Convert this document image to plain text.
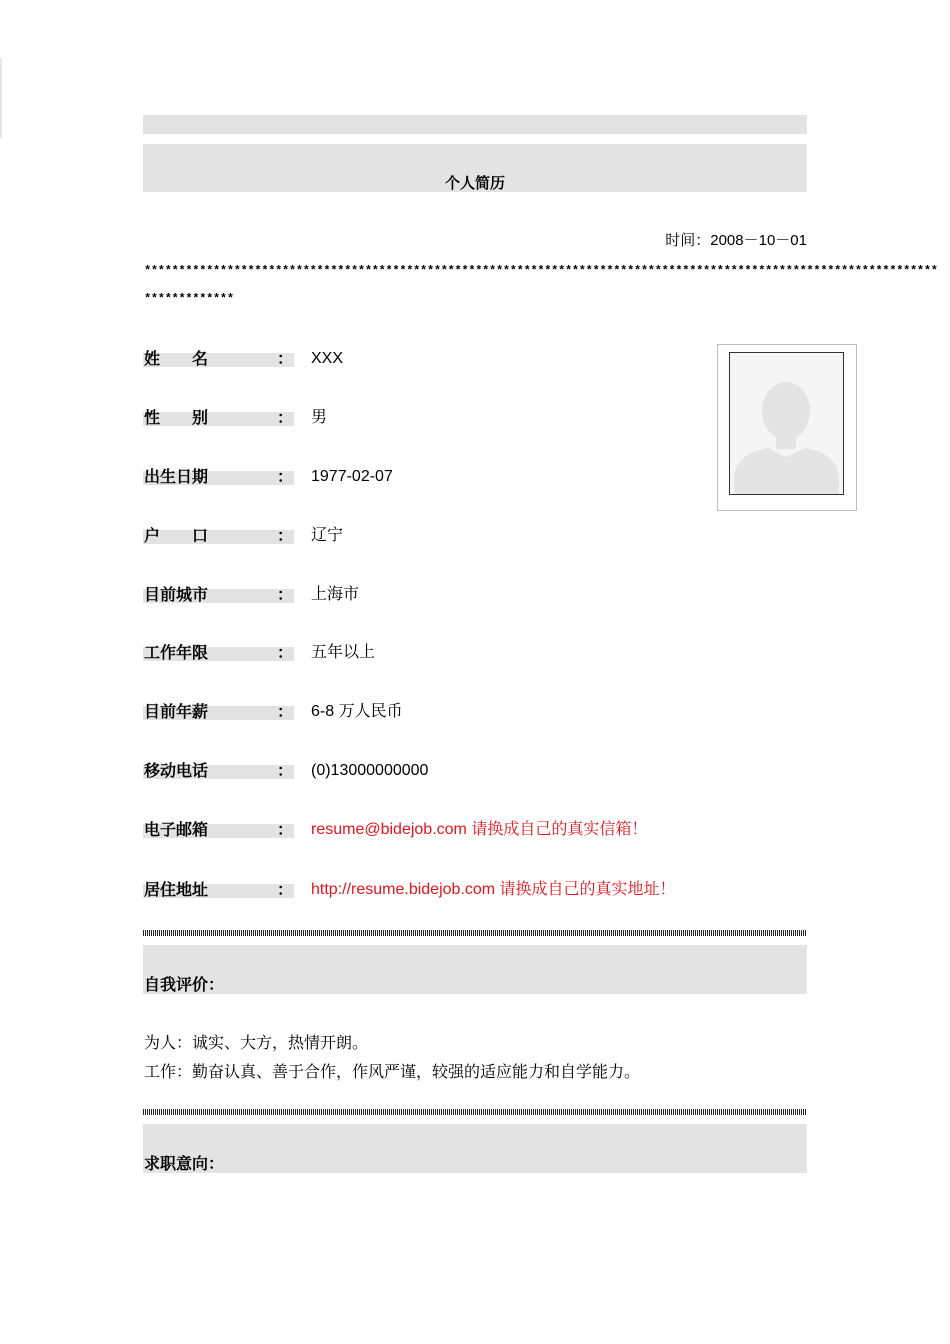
个人简历
时间：2008－10－01
*******************************************************************************************************************
*************
姓　　名	： XXX
性　　别	： 男
出生日期	： 1977-02-07
户　　口	： 辽宁
目前城市	： 上海市
工作年限	： 五年以上
目前年薪	： 6-8 万人民币
移动电话	： (0)13000000000
电子邮箱	： resume@bidejob.com 请换成自己的真实信箱！
居住地址	： http://resume.bidejob.com 请换成自己的真实地址！
自我评价：
为人：诚实、大方，热情开朗。
工作：勤奋认真、善于合作，作风严谨，较强的适应能力和自学能力。
求职意向：
